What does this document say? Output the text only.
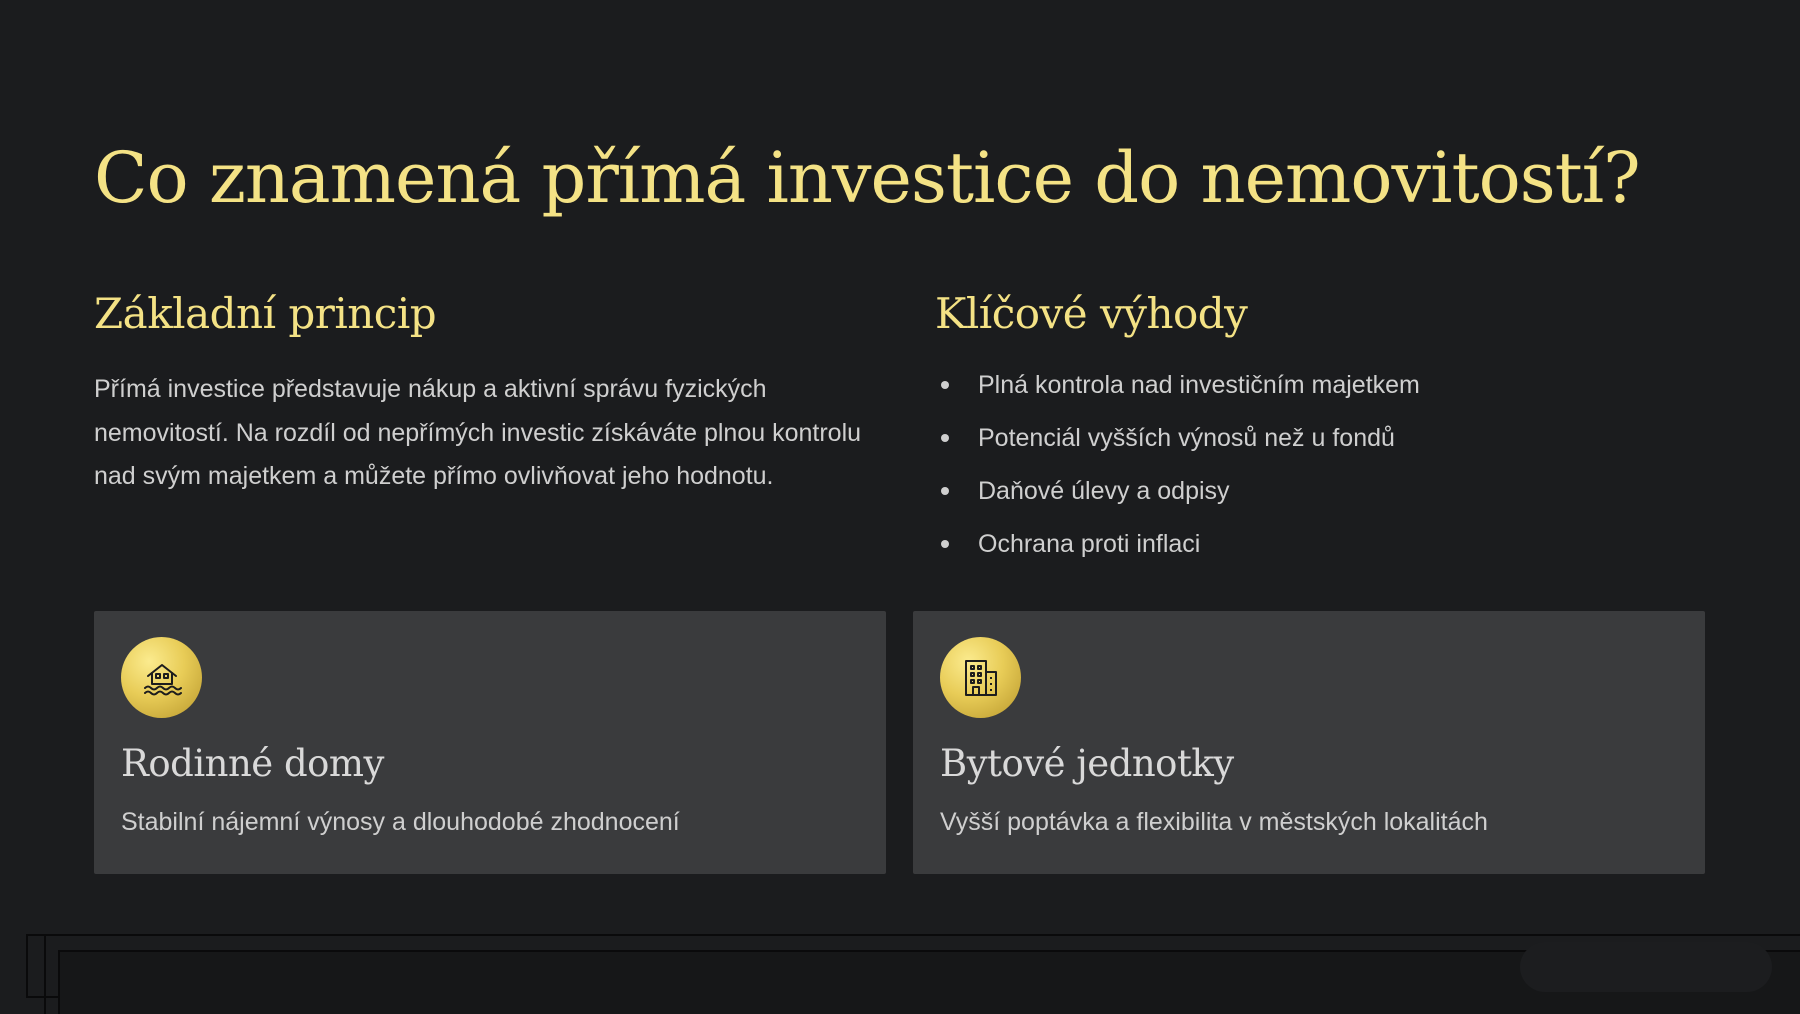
Co znamená přímá investice do nemovitostí?
Základní princip

Přímá investice představuje nákup a aktivní správu fyzických nemovitostí. Na rozdíl od nepřímých investic získáváte plnou kontrolu nad svým majetkem a můžete přímo ovlivňovat jeho hodnotu.

Klíčové výhody
Plná kontrola nad investičním majetkem
Potenciál vyšších výnosů než u fondů
Daňové úlevy a odpisy
Ochrana proti inflaci
Rodinné domy

Stabilní nájemní výnosy a dlouhodobé zhodnocení

Bytové jednotky

Vyšší poptávka a flexibilita v městských lokalitách
